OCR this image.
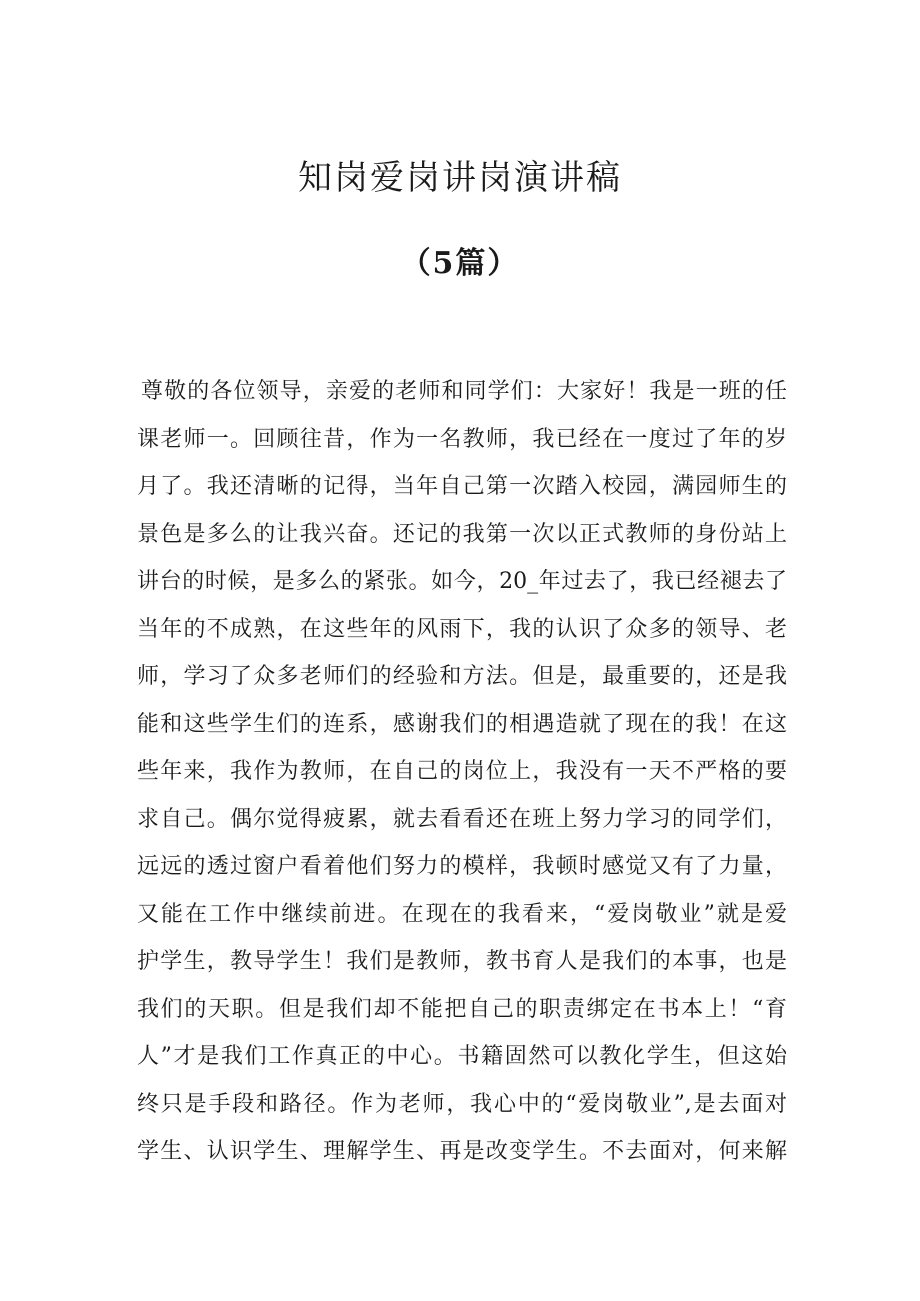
知岗爱岗讲岗演讲稿
（5篇）
尊敬的各位领导，亲爱的老师和同学们：大家好！我是一班的任
课老师一。回顾往昔，作为一名教师，我已经在一度过了年的岁
月了。我还清晰的记得，当年自己第一次踏入校园，满园师生的
景色是多么的让我兴奋。还记的我第一次以正式教师的身份站上
讲台的时候，是多么的紧张。如今，20_年过去了，我已经褪去了
当年的不成熟，在这些年的风雨下，我的认识了众多的领导、老
师，学习了众多老师们的经验和方法。但是，最重要的，还是我
能和这些学生们的连系，感谢我们的相遇造就了现在的我！在这
些年来，我作为教师，在自己的岗位上，我没有一天不严格的要
求自己。偶尔觉得疲累，就去看看还在班上努力学习的同学们，
远远的透过窗户看着他们努力的模样，我顿时感觉又有了力量，
又能在工作中继续前进。在现在的我看来，“爱岗敬业”就是爱
护学生，教导学生！我们是教师，教书育人是我们的本事，也是
我们的天职。但是我们却不能把自己的职责绑定在书本上！“育
人”才是我们工作真正的中心。书籍固然可以教化学生，但这始
终只是手段和路径。作为老师，我心中的“爱岗敬业”,是去面对
学生、认识学生、理解学生、再是改变学生。不去面对，何来解
